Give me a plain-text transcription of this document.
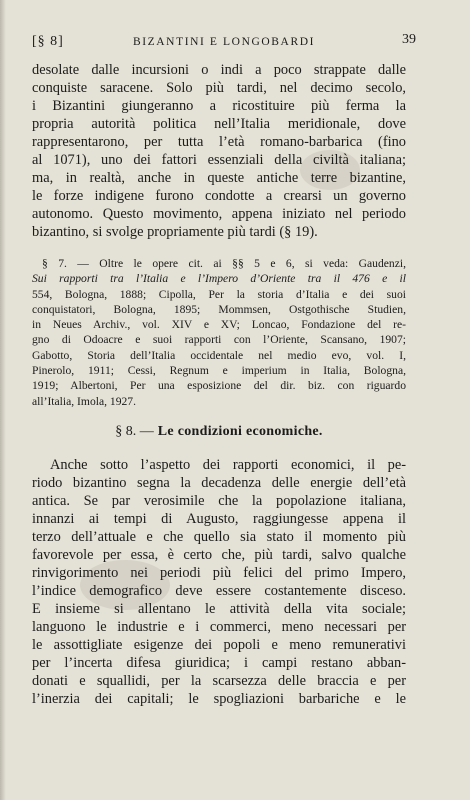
[§ 8]	BIZANTINI E LONGOBARDI	39
desolate dalle incursioni o indi a poco strappate dalle
conquiste saracene. Solo più tardi, nel decimo secolo,
i Bizantini giungeranno a ricostituire più ferma la
propria autorità politica nell’Italia meridionale, dove
rappresentarono, per tutta l’età romano-barbarica (fino
al 1071), uno dei fattori essenziali della civiltà italiana;
ma, in realtà, anche in queste antiche terre bizantine,
le forze indigene furono condotte a crearsi un governo
autonomo. Questo movimento, appena iniziato nel periodo
bizantino, si svolge propriamente più tardi (§ 19).
§ 7. — Oltre le opere cit. ai §§ 5 e 6, si veda: Gaudenzi,
Sui rapporti tra l’Italia e l’Impero d’Oriente tra il 476 e il
554, Bologna, 1888; Cipolla, Per la storia d’Italia e dei suoi
conquistatori, Bologna, 1895; Mommsen, Ostgothische Studien,
in Neues Archiv., vol. XIV e XV; Loncao, Fondazione del re-
gno di Odoacre e suoi rapporti con l’Oriente, Scansano, 1907;
Gabotto, Storia dell’Italia occidentale nel medio evo, vol. I,
Pinerolo, 1911; Cessi, Regnum e imperium in Italia, Bologna,
1919; Albertoni, Per una esposizione del dir. biz. con riguardo
all’Italia, Imola, 1927.
§ 8. — Le condizioni economiche.
Anche sotto l’aspetto dei rapporti economici, il pe-
riodo bizantino segna la decadenza delle energie dell’età
antica. Se par verosimile che la popolazione italiana,
innanzi ai tempi di Augusto, raggiungesse appena il
terzo dell’attuale e che quello sia stato il momento più
favorevole per essa, è certo che, più tardi, salvo qualche
rinvigorimento nei periodi più felici del primo Impero,
l’indice demografico deve essere costantemente disceso.
E insieme si allentano le attività della vita sociale;
languono le industrie e i commerci, meno necessari per
le assottigliate esigenze dei popoli e meno remunerativi
per l’incerta difesa giuridica; i campi restano abban-
donati e squallidi, per la scarsezza delle braccia e per
l’inerzia dei capitali; le spogliazioni barbariche e le
